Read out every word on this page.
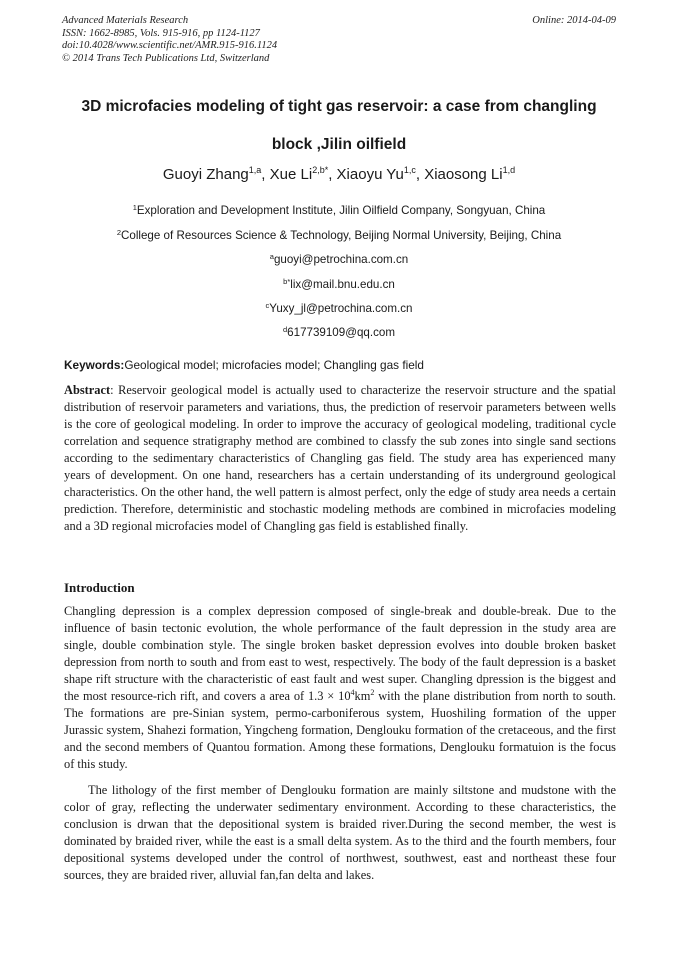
Advanced Materials Research
ISSN: 1662-8985, Vols. 915-916, pp 1124-1127
doi:10.4028/www.scientific.net/AMR.915-916.1124
© 2014 Trans Tech Publications Ltd, Switzerland
Online: 2014-04-09
3D microfacies modeling of tight gas reservoir: a case from changling
block ,Jilin oilfield
Guoyi Zhang$^{1,a}$, Xue $Li^{2,b*}$, Xiaoyu Yu$^{1,c}$, Xiaosong Li$^{1,d}$
$^1$Exploration and Development Institute, Jilin Oilfield Company, Songyuan, China
$^2$College of Resources Science & Technology, Beijing Normal University, Beijing, China
$^a$guoyi@petrochina.com.cn
$^{b*}$lix@mail.bnu.edu.cn
$^c$Yuxy_jl@petrochina.com.cn
$^d$617739109@qq.com
Keywords:Geological model; microfacies model; Changling gas field
Abstract: Reservoir geological model is actually used to characterize the reservoir structure and the spatial distribution of reservoir parameters and variations, thus, the prediction of reservoir parameters between wells is the core of geological modeling. In order to improve the accuracy of geological modeling, traditional cycle correlation and sequence stratigraphy method are combined to classfy the sub zones into single sand sections according to the sedimentary characteristics of Changling gas field. The study area has experienced many years of development. On one hand, researchers has a certain understanding of its underground geological characteristics. On the other hand, the well pattern is almost perfect, only the edge of study area needs a certain prediction. Therefore, deterministic and stochastic modeling methods are combined in microfacies modeling and a 3D regional microfacies model of Changling gas field is established finally.
Introduction
Changling depression is a complex depression composed of single-break and double-break. Due to the influence of basin tectonic evolution, the whole performance of the fault depression in the study area are single, double combination style. The single broken basket depression evolves into double broken basket depression from north to south and from east to west, respectively. The body of the fault depression is a basket shape rift structure with the characteristic of east fault and west super. Changling dpression is the biggest and the most resource-rich rift, and covers a area of $1.3 \times 10^4km^2$ with the plane distribution from north to south. The formations are pre-Sinian system, permo-carboniferous system, Huoshiling formation of the upper Jurassic system, Shahezi formation, Yingcheng formation, Denglouku formation of the cretaceous, and the first and the second members of Quantou formation. Among these formations, Denglouku formatuion is the focus of this study.
The lithology of the first member of Denglouku formation are mainly siltstone and mudstone with the color of gray, reflecting the underwater sedimentary environment. According to these characteristics, the conclusion is drwan that the depositional system is braided river.During the second member, the west is dominated by braided river, while the east is a small delta system. As to the third and the fourth members, four depositional systems developed under the control of northwest, southwest, east and northeast these four sources, they are braided river, alluvial fan,fan delta and lakes.
